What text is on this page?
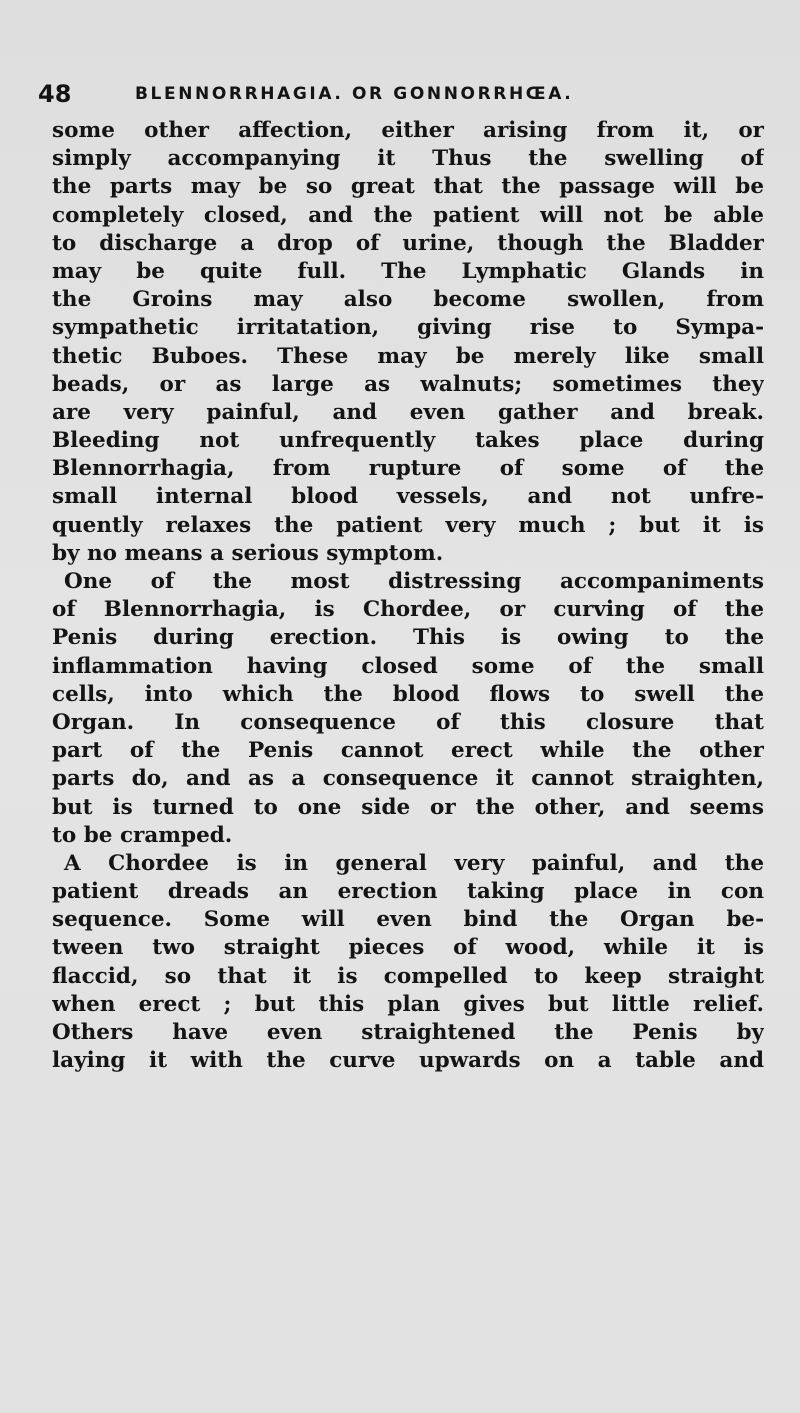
48	BLENNORRHAGIA. OR GONNORRHŒA.
some other affection, either arising from it, or
simply accompanying it Thus the swelling of
the parts may be so great that the passage will be
completely closed, and the patient will not be able
to discharge a drop of urine, though the Bladder
may be quite full. The Lymphatic Glands in
the Groins may also become swollen, from
sympathetic irritatation, giving rise to Sympa-
thetic Buboes. These may be merely like small
beads, or as large as walnuts; sometimes they
are very painful, and even gather and break.
Bleeding not unfrequently takes place during
Blennorrhagia, from rupture of some of the
small internal blood vessels, and not unfre-
quently relaxes the patient very much ; but it is
by no means a serious symptom.
One of the most distressing accompaniments
of Blennorrhagia, is Chordee, or curving of the
Penis during erection. This is owing to the
inflammation having closed some of the small
cells, into which the blood flows to swell the
Organ. In consequence of this closure that
part of the Penis cannot erect while the other
parts do, and as a consequence it cannot straighten,
but is turned to one side or the other, and seems
to be cramped.
A Chordee is in general very painful, and the
patient dreads an erection taking place in con
sequence. Some will even bind the Organ be-
tween two straight pieces of wood, while it is
flaccid, so that it is compelled to keep straight
when erect ; but this plan gives but little relief.
Others have even straightened the Penis by
laying it with the curve upwards on a table and
